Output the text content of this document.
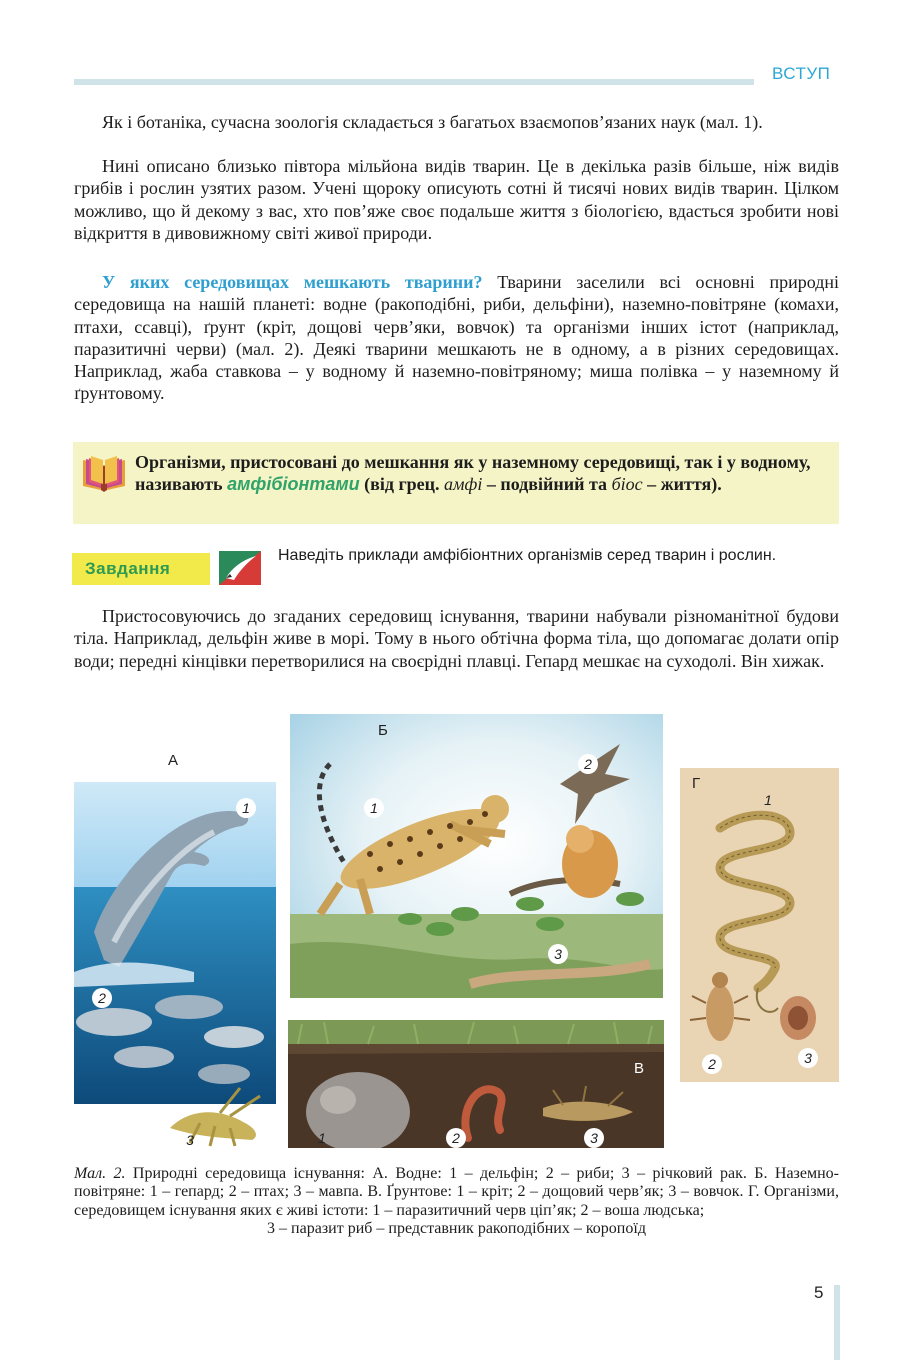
ВСТУП

Як і ботаніка, сучасна зоологія складається з багатьох взаємопов’язаних наук (мал. 1).

Нині описано близько півтора мільйона видів тварин. Це в декілька разів більше, ніж видів грибів і рослин узятих разом. Учені щороку описують сотні й тисячі нових видів тварин. Цілком можливо, що й декому з вас, хто пов’яже своє подальше життя з біологією, вдасться зробити нові відкриття в дивовижному світі живої природи.

У яких середовищах мешкають тварини? Тварини заселили всі основні природні середовища на нашій планеті: водне (ракоподібні, риби, дельфіни), наземно-повітряне (комахи, птахи, ссавці), ґрунт (кріт, дощові черв’яки, вовчок) та організми інших істот (наприклад, паразитичні черви) (мал. 2). Деякі тварини мешкають не в одному, а в різних середовищах. Наприклад, жаба ставкова – у водному й наземно-повітряному; миша полівка – у наземному й ґрунтовому.

Організми, пристосовані до мешкання як у наземному середовищі, так і у водному, називають амфібіонтами (від грец. амфі – подвійний та біос – життя).

Завдання

Наведіть приклади амфібіонтних організмів серед тварин і рослин.

Пристосовуючись до згаданих середовищ існування, тварини набували різноманітної будови тіла. Наприклад, дельфін живе в морі. Тому в нього обтічна форма тіла, що допомагає долати опір води; передні кінцівки перетворилися на своєрідні плавці. Гепард мешкає на суходолі. Він хижак.

А
1
2
3
Б
1
2
3
В
1	2	3
Г
1
2	3

Мал. 2. Природні середовища існування: А. Водне: 1 – дельфін; 2 – риби; 3 – річковий рак. Б. Наземно-повітряне: 1 – гепард; 2 – птах; 3 – мавпа. В. Ґрунтове: 1 – кріт; 2 – дощовий черв’як; 3 – вовчок. Г. Організми, середовищем існування яких є живі істоти: 1 – паразитичний черв ціп’як; 2 – воша людська;
3 – паразит риб – представник ракоподібних – коропоїд

5
